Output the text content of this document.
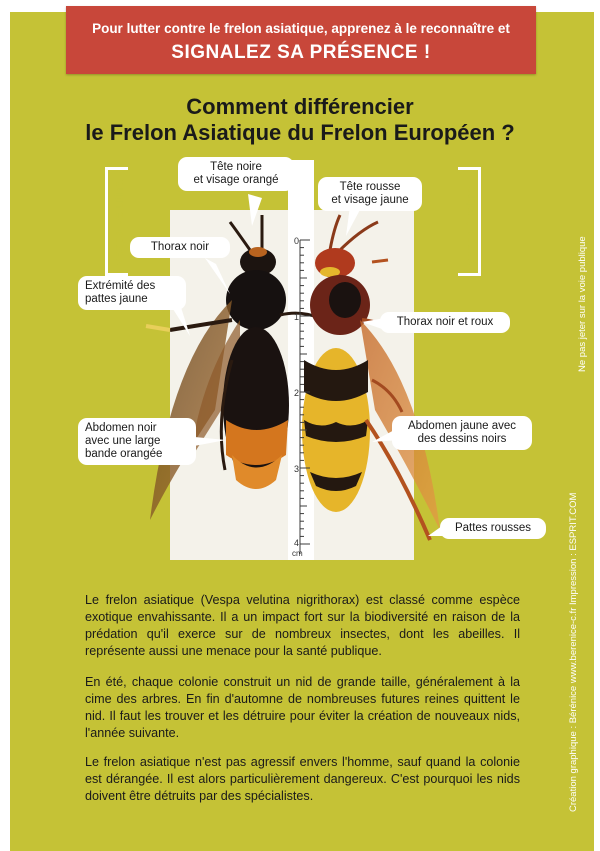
Pour lutter contre le frelon asiatique, apprenez à le reconnaître et
SIGNALEZ SA PRÉSENCE !
Comment différencier
le Frelon Asiatique du Frelon Européen ?
Vespa Velutina	Vespa Crabro
0
1
2
3
4
cm
Tête noire
et visage orangé
Thorax noir
Extrémité des
pattes jaune
Abdomen noir
avec une large
bande orangée
Tête rousse
et visage jaune
Thorax noir et roux
Abdomen jaune avec
des dessins noirs
Pattes rousses

Le frelon asiatique (Vespa velutina nigrithorax) est classé comme espèce exotique envahissante. Il a un impact fort sur la biodiversité en raison de la prédation qu'il exerce sur de nombreux insectes, dont les abeilles. Il représente aussi une menace pour la santé publique.

En été, chaque colonie construit un nid de grande taille, généralement à la cime des arbres. En fin d'automne de nombreuses futures reines quittent le nid. Il faut les trouver et les détruire pour éviter la création de nouveaux nids, l'année suivante.

Le frelon asiatique n'est pas agressif envers l'homme, sauf quand la colonie est dérangée. Il est alors particulièrement dangereux. C'est pourquoi les nids doivent être détruits par des spécialistes.	Création graphique : Bérénice www.berenice-c.fr Impression : ESPRIT.COM
Ne pas jeter sur la voie publique
